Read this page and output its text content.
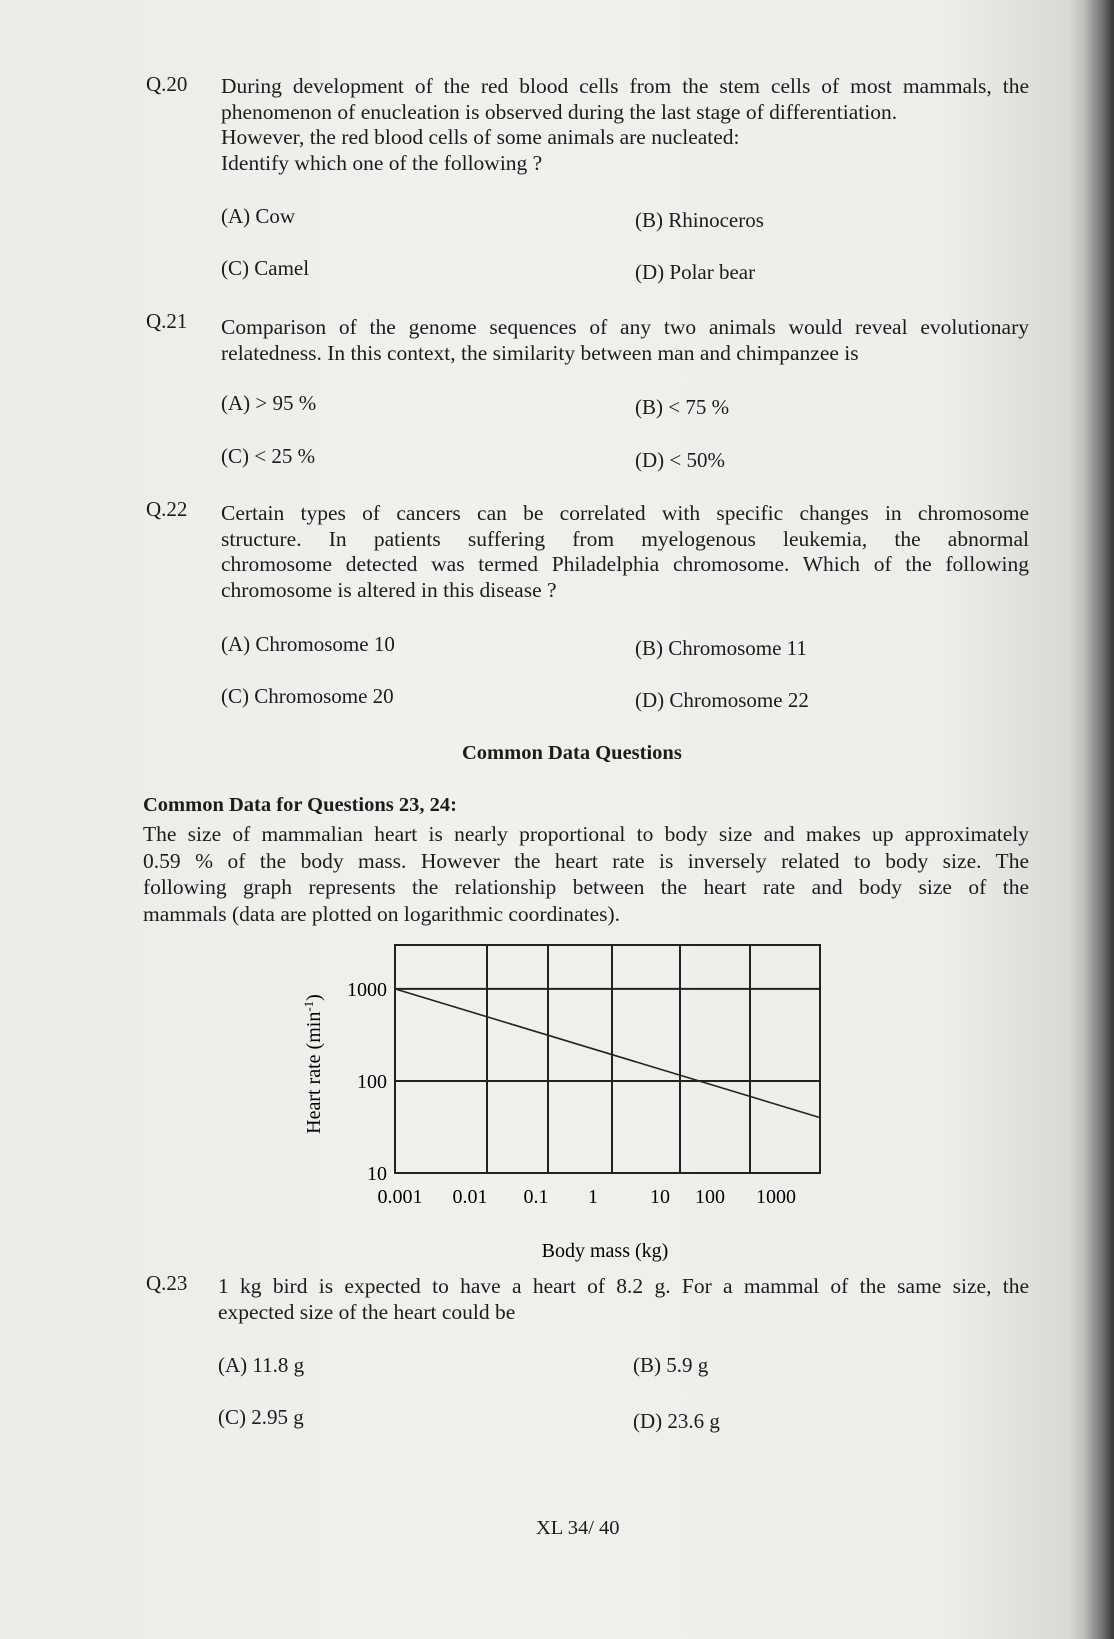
Q.20 During development of the red blood cells from the stem cells of most mammals, the
phenomenon of enucleation is observed during the last stage of differentiation.
However, the red blood cells of some animals are nucleated:
Identify which one of the following ?
(A) Cow	(B) Rhinoceros
(C) Camel	(D) Polar bear
Q.21 Comparison of the genome sequences of any two animals would reveal evolutionary
relatedness. In this context, the similarity between man and chimpanzee is
(A) > 95 %	(B) < 75 %
(C) < 25 %	(D) < 50%
Q.22 Certain types of cancers can be correlated with specific changes in chromosome
structure. In patients suffering from myelogenous leukemia, the abnormal
chromosome detected was termed Philadelphia chromosome. Which of the following
chromosome is altered in this disease ?
(A) Chromosome 10	(B) Chromosome 11
(C) Chromosome 20	(D) Chromosome 22
Common Data Questions
Common Data for Questions 23, 24:
The size of mammalian heart is nearly proportional to body size and makes up approximately
0.59 % of the body mass. However the heart rate is inversely related to body size. The
following graph represents the relationship between the heart rate and body size of the
mammals (data are plotted on logarithmic coordinates).
10
100
1000
0.001 0.01 0.1 1	10 100 1000
Heart rate $(\min^{-1})$
Body mass (kg)
Q.23 1 kg bird is expected to have a heart of 8.2 g. For a mammal of the same size, the
expected size of the heart could be
(A) 11.8 g	(B) 5.9 g
(C) 2.95 g	(D) 23.6 g
XL 34/ 40
